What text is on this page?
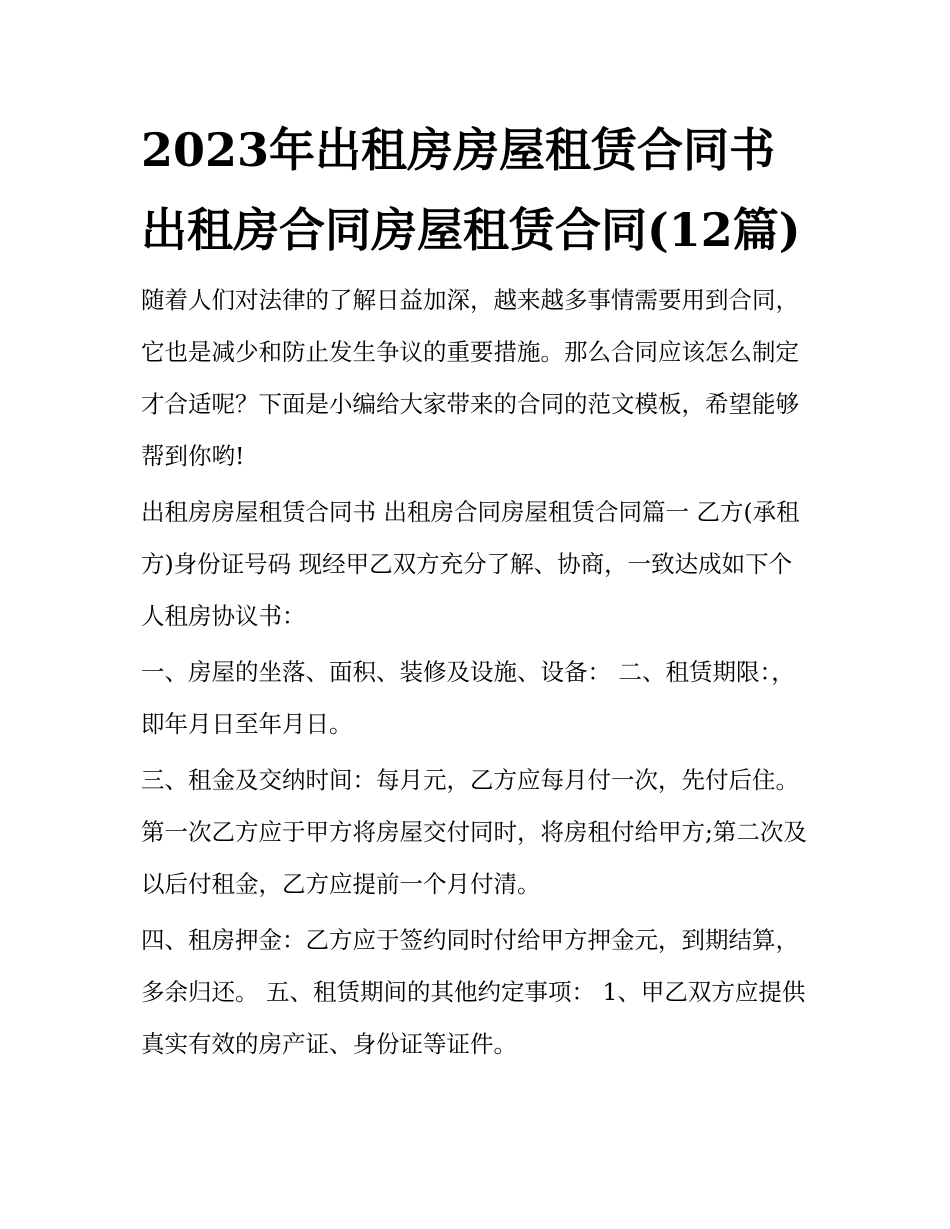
2023年出租房房屋租赁合同书 出租房合同房屋租赁合同(12篇)

随着人们对法律的了解日益加深，越来越多事情需要用到合同，它也是减少和防止发生争议的重要措施。那么合同应该怎么制定才合适呢？下面是小编给大家带来的合同的范文模板，希望能够帮到你哟!

出租房房屋租赁合同书 出租房合同房屋租赁合同篇一 乙方(承租方)身份证号码 现经甲乙双方充分了解、协商，一致达成如下个人租房协议书：

一、房屋的坐落、面积、装修及设施、设备： 二、租赁期限：，即年月日至年月日。

三、租金及交纳时间：每月元，乙方应每月付一次，先付后住。第一次乙方应于甲方将房屋交付同时，将房租付给甲方;第二次及以后付租金，乙方应提前一个月付清。

四、租房押金：乙方应于签约同时付给甲方押金元，到期结算，多余归还。 五、租赁期间的其他约定事项： 1、甲乙双方应提供真实有效的房产证、身份证等证件。
